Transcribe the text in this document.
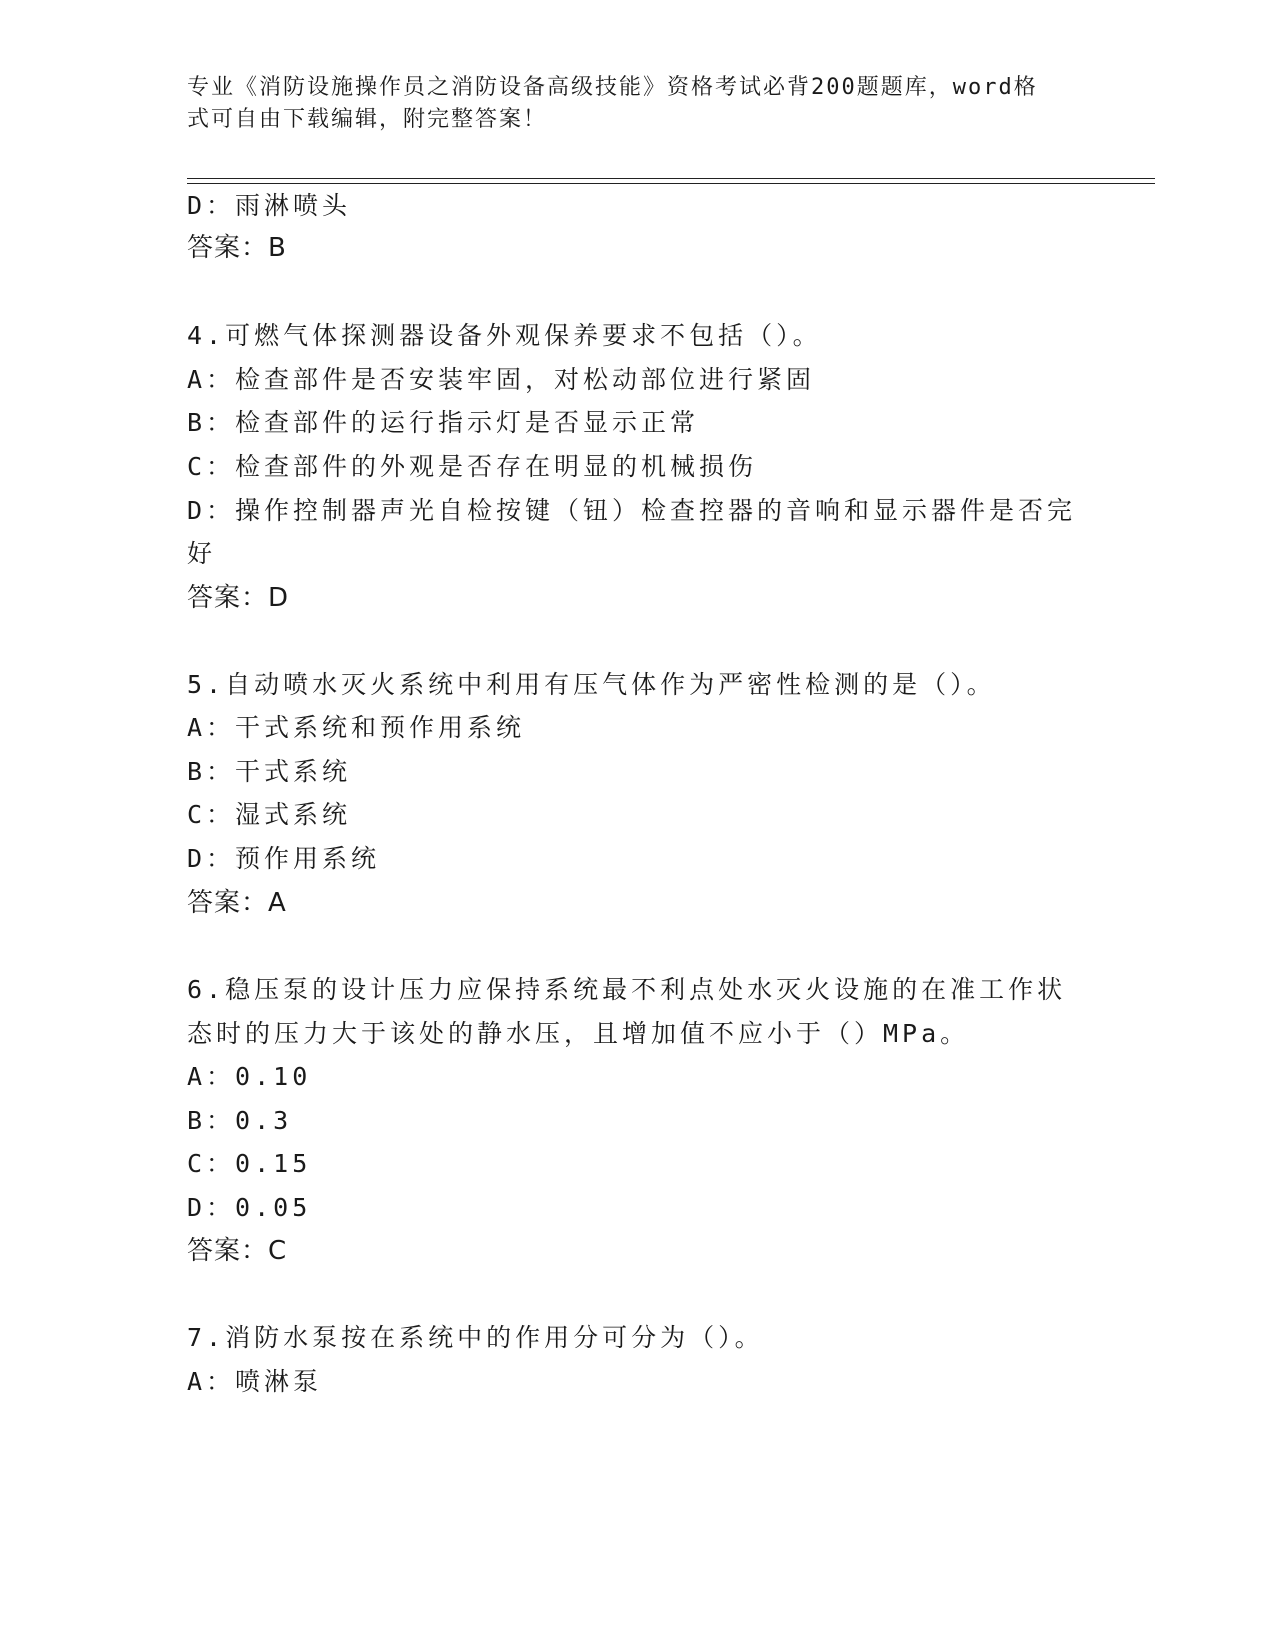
专业《消防设施操作员之消防设备高级技能》资格考试必背200题题库，word格
式可自由下载编辑，附完整答案！
D：雨淋喷头
答案：B
4.可燃气体探测器设备外观保养要求不包括（）。
A：检查部件是否安装牢固，对松动部位进行紧固
B：检查部件的运行指示灯是否显示正常
C：检查部件的外观是否存在明显的机械损伤
D：操作控制器声光自检按键（钮）检查控器的音响和显示器件是否完
好
答案：D
5.自动喷水灭火系统中利用有压气体作为严密性检测的是（）。
A：干式系统和预作用系统
B：干式系统
C：湿式系统
D：预作用系统
答案：A
6.稳压泵的设计压力应保持系统最不利点处水灭火设施的在准工作状
态时的压力大于该处的静水压，且增加值不应小于（）MPa。
A：0.10
B：0.3
C：0.15
D：0.05
答案：C
7.消防水泵按在系统中的作用分可分为（）。
A：喷淋泵
